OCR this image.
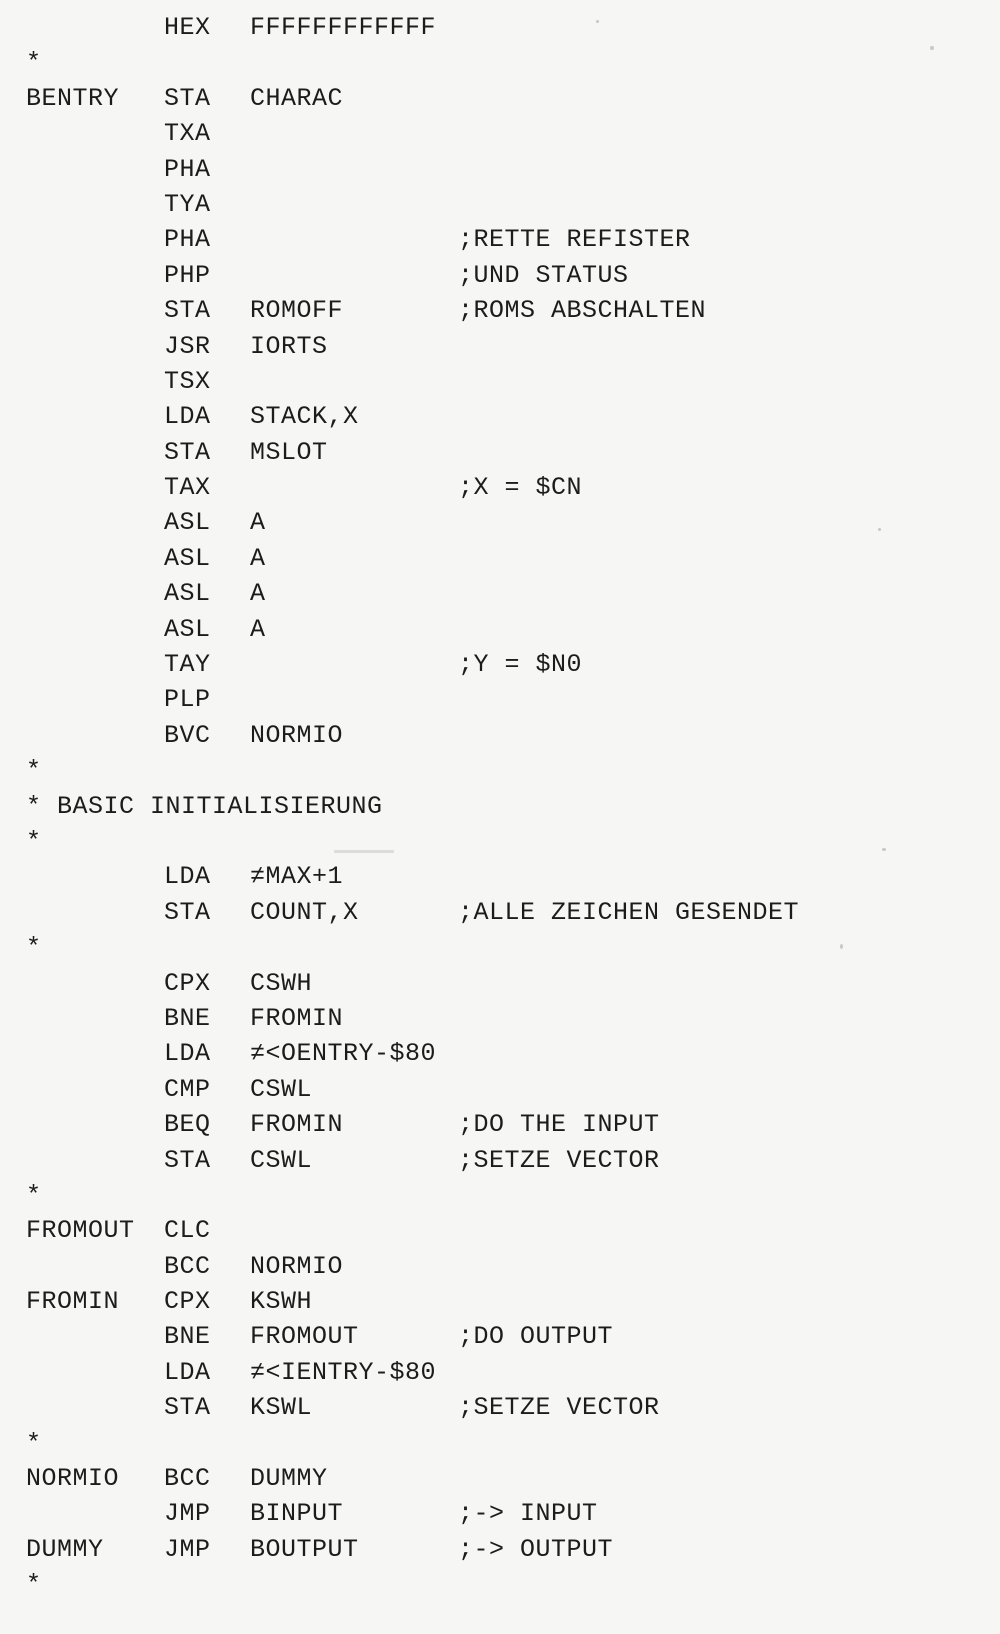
HEX FFFFFFFFFFFF
*
BENTRY STA CHARAC
TXA
PHA
TYA
PHA	;RETTE REFISTER
PHP	;UND STATUS
STA ROMOFF	;ROMS ABSCHALTEN
JSR IORTS
TSX
LDA STACK,X
STA MSLOT
TAX	;X = $CN
ASL A
ASL A
ASL A
ASL A
TAY	;Y = $N0
PLP
BVC NORMIO
*
* BASIC INITIALISIERUNG
*
LDA ≠MAX+1
STA COUNT,X	;ALLE ZEICHEN GESENDET
*
CPX CSWH
BNE FROMIN
LDA ≠<OENTRY-$80
CMP CSWL
BEQ FROMIN	;DO THE INPUT
STA CSWL	;SETZE VECTOR
*
FROMOUT CLC
BCC NORMIO
FROMIN CPX KSWH
BNE FROMOUT	;DO OUTPUT
LDA ≠<IENTRY-$80
STA KSWL	;SETZE VECTOR
*
NORMIO BCC DUMMY
JMP BINPUT	;-> INPUT
DUMMY JMP BOUTPUT	;-> OUTPUT
*
